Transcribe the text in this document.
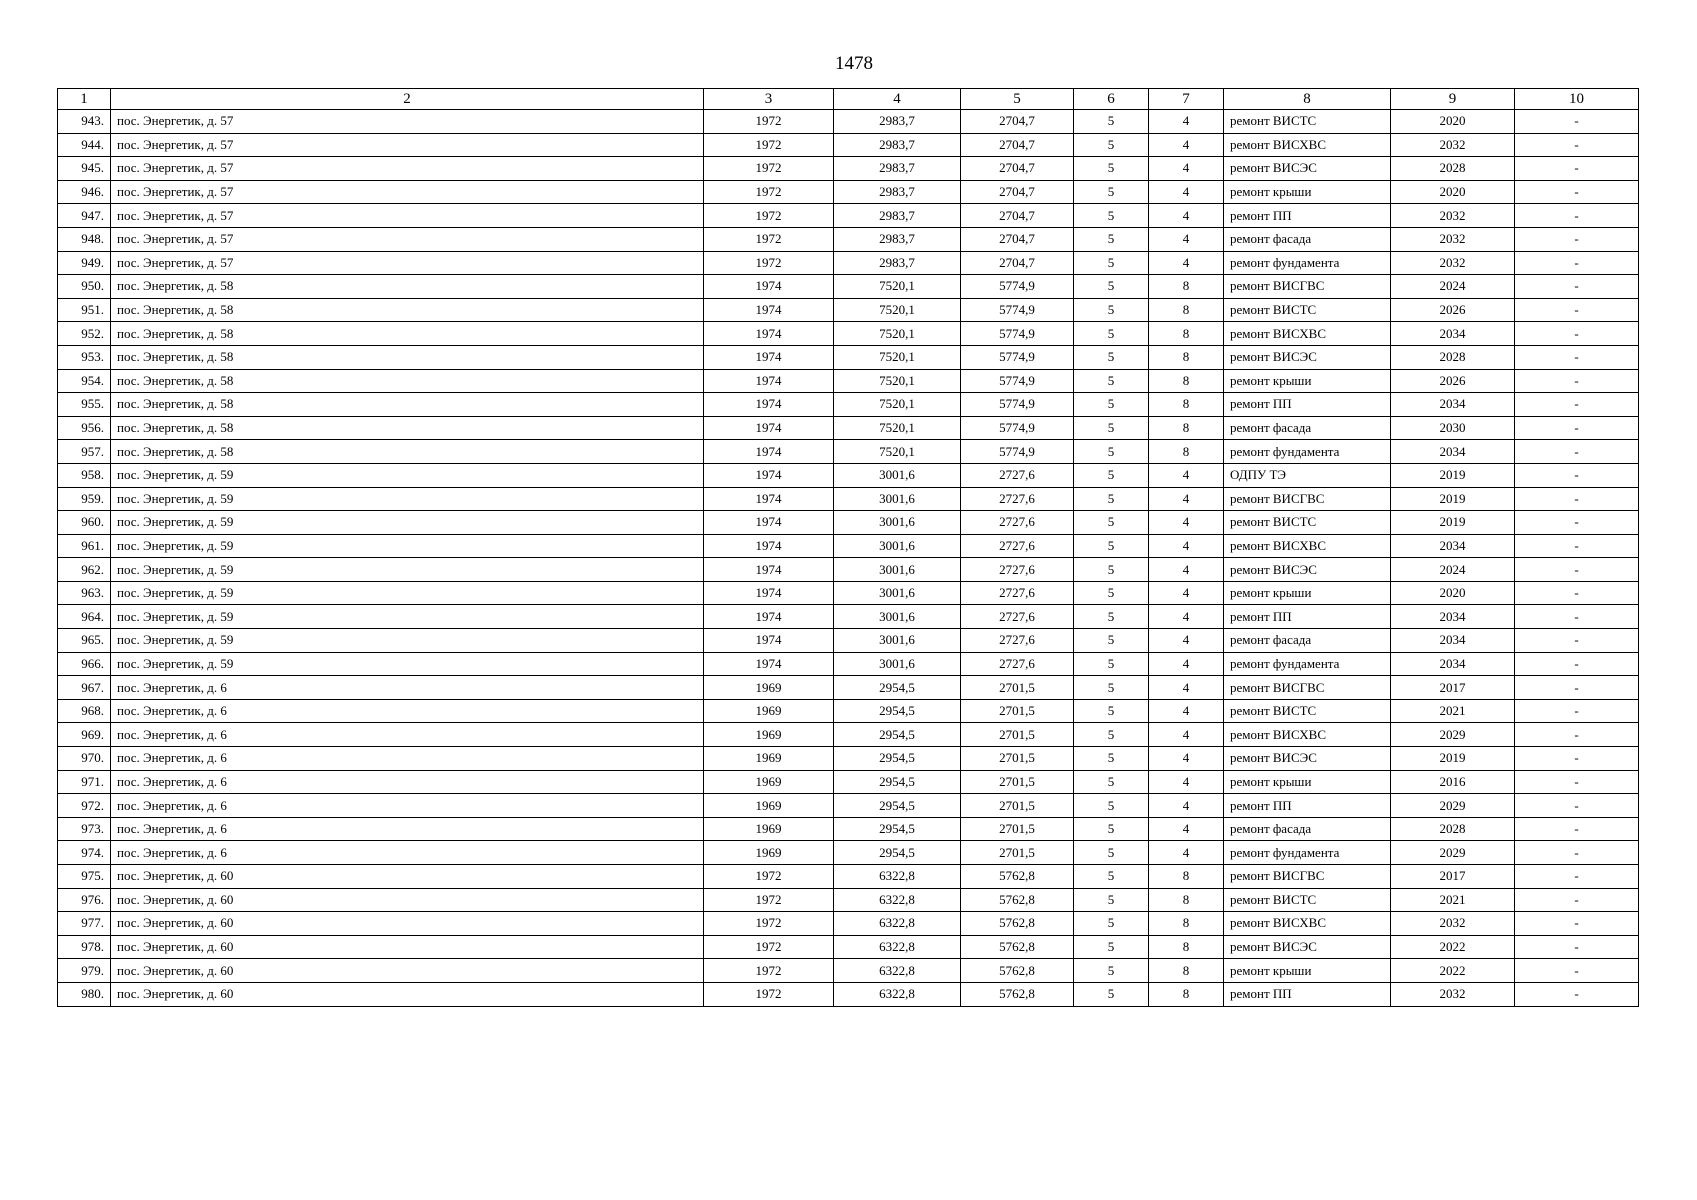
1478
1	2	3	4	5	6	7	8	9	10
943.	пос. Энергетик, д. 57	1972	2983,7	2704,7	5	4	ремонт ВИСТС	2020	-
944.	пос. Энергетик, д. 57	1972	2983,7	2704,7	5	4	ремонт ВИСХВС	2032	-
945.	пос. Энергетик, д. 57	1972	2983,7	2704,7	5	4	ремонт ВИСЭС	2028	-
946.	пос. Энергетик, д. 57	1972	2983,7	2704,7	5	4	ремонт крыши	2020	-
947.	пос. Энергетик, д. 57	1972	2983,7	2704,7	5	4	ремонт ПП	2032	-
948.	пос. Энергетик, д. 57	1972	2983,7	2704,7	5	4	ремонт фасада	2032	-
949.	пос. Энергетик, д. 57	1972	2983,7	2704,7	5	4	ремонт фундамента	2032	-
950.	пос. Энергетик, д. 58	1974	7520,1	5774,9	5	8	ремонт ВИСГВС	2024	-
951.	пос. Энергетик, д. 58	1974	7520,1	5774,9	5	8	ремонт ВИСТС	2026	-
952.	пос. Энергетик, д. 58	1974	7520,1	5774,9	5	8	ремонт ВИСХВС	2034	-
953.	пос. Энергетик, д. 58	1974	7520,1	5774,9	5	8	ремонт ВИСЭС	2028	-
954.	пос. Энергетик, д. 58	1974	7520,1	5774,9	5	8	ремонт крыши	2026	-
955.	пос. Энергетик, д. 58	1974	7520,1	5774,9	5	8	ремонт ПП	2034	-
956.	пос. Энергетик, д. 58	1974	7520,1	5774,9	5	8	ремонт фасада	2030	-
957.	пос. Энергетик, д. 58	1974	7520,1	5774,9	5	8	ремонт фундамента	2034	-
958.	пос. Энергетик, д. 59	1974	3001,6	2727,6	5	4	ОДПУ ТЭ	2019	-
959.	пос. Энергетик, д. 59	1974	3001,6	2727,6	5	4	ремонт ВИСГВС	2019	-
960.	пос. Энергетик, д. 59	1974	3001,6	2727,6	5	4	ремонт ВИСТС	2019	-
961.	пос. Энергетик, д. 59	1974	3001,6	2727,6	5	4	ремонт ВИСХВС	2034	-
962.	пос. Энергетик, д. 59	1974	3001,6	2727,6	5	4	ремонт ВИСЭС	2024	-
963.	пос. Энергетик, д. 59	1974	3001,6	2727,6	5	4	ремонт крыши	2020	-
964.	пос. Энергетик, д. 59	1974	3001,6	2727,6	5	4	ремонт ПП	2034	-
965.	пос. Энергетик, д. 59	1974	3001,6	2727,6	5	4	ремонт фасада	2034	-
966.	пос. Энергетик, д. 59	1974	3001,6	2727,6	5	4	ремонт фундамента	2034	-
967.	пос. Энергетик, д. 6	1969	2954,5	2701,5	5	4	ремонт ВИСГВС	2017	-
968.	пос. Энергетик, д. 6	1969	2954,5	2701,5	5	4	ремонт ВИСТС	2021	-
969.	пос. Энергетик, д. 6	1969	2954,5	2701,5	5	4	ремонт ВИСХВС	2029	-
970.	пос. Энергетик, д. 6	1969	2954,5	2701,5	5	4	ремонт ВИСЭС	2019	-
971.	пос. Энергетик, д. 6	1969	2954,5	2701,5	5	4	ремонт крыши	2016	-
972.	пос. Энергетик, д. 6	1969	2954,5	2701,5	5	4	ремонт ПП	2029	-
973.	пос. Энергетик, д. 6	1969	2954,5	2701,5	5	4	ремонт фасада	2028	-
974.	пос. Энергетик, д. 6	1969	2954,5	2701,5	5	4	ремонт фундамента	2029	-
975.	пос. Энергетик, д. 60	1972	6322,8	5762,8	5	8	ремонт ВИСГВС	2017	-
976.	пос. Энергетик, д. 60	1972	6322,8	5762,8	5	8	ремонт ВИСТС	2021	-
977.	пос. Энергетик, д. 60	1972	6322,8	5762,8	5	8	ремонт ВИСХВС	2032	-
978.	пос. Энергетик, д. 60	1972	6322,8	5762,8	5	8	ремонт ВИСЭС	2022	-
979.	пос. Энергетик, д. 60	1972	6322,8	5762,8	5	8	ремонт крыши	2022	-
980.	пос. Энергетик, д. 60	1972	6322,8	5762,8	5	8	ремонт ПП	2032	-
